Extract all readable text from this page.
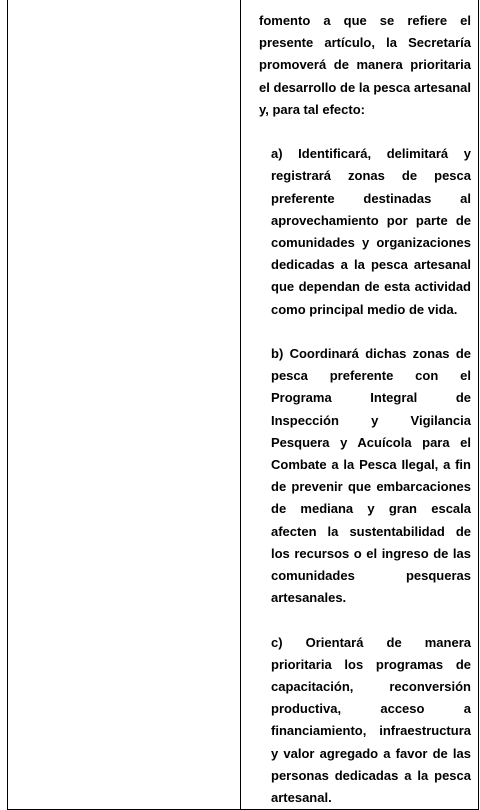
fomento a que se refiere el presente artículo, la Secretaría promoverá de manera prioritaria el desarrollo de la pesca artesanal y, para tal efecto:

a) Identificará, delimitará y registrará zonas de pesca preferente destinadas al aprovechamiento por parte de comunidades y organizaciones dedicadas a la pesca artesanal que dependan de esta actividad como principal medio de vida.

b) Coordinará dichas zonas de pesca preferente con el Programa Integral de Inspección y Vigilancia Pesquera y Acuícola para el Combate a la Pesca Ilegal, a fin de prevenir que embarcaciones de mediana y gran escala afecten la sustentabilidad de los recursos o el ingreso de las comunidades pesqueras artesanales.

c) Orientará de manera prioritaria los programas de capacitación, reconversión productiva, acceso a financiamiento, infraestructura y valor agregado a favor de las personas dedicadas a la pesca artesanal.
